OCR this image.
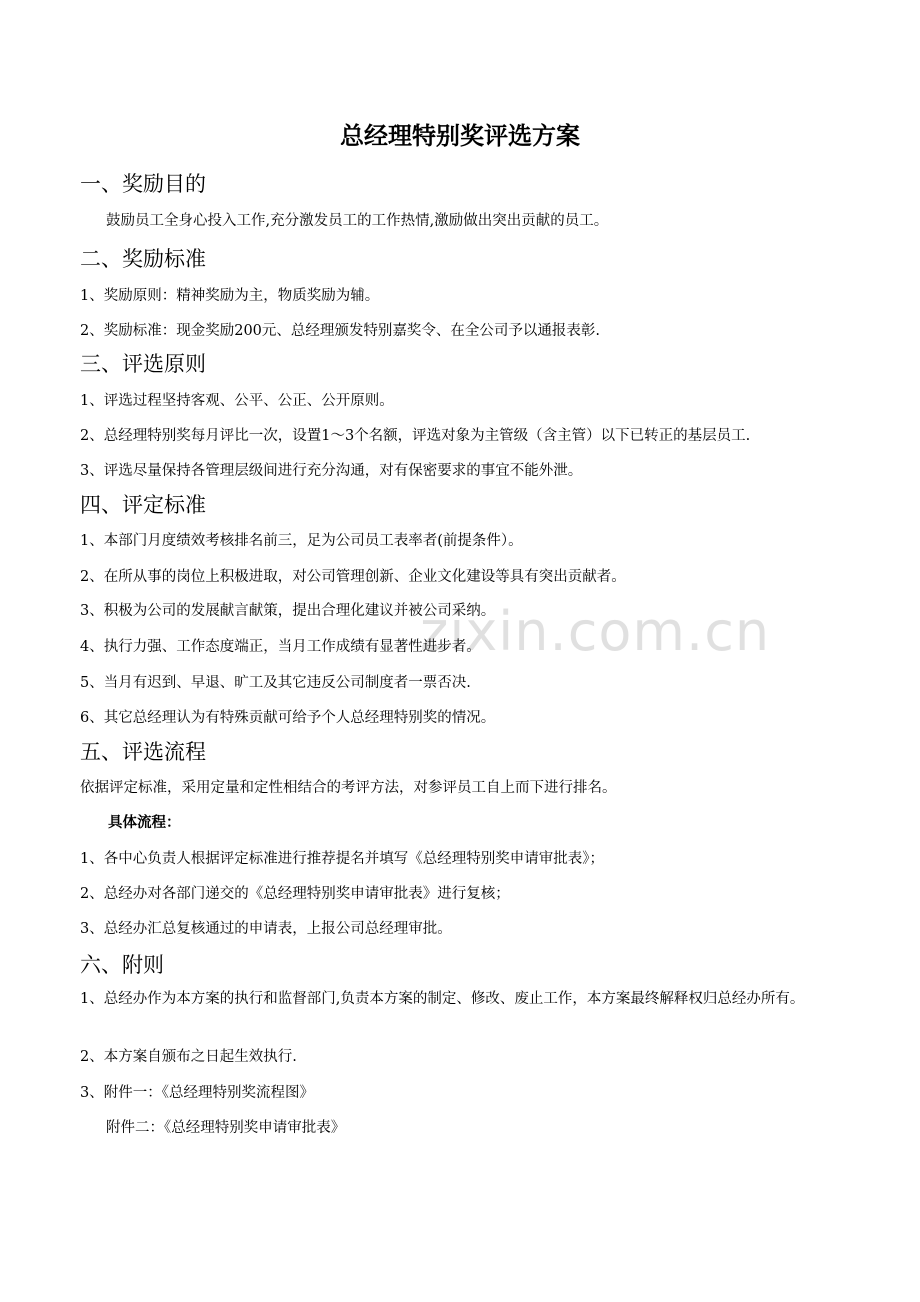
总经理特别奖评选方案
一、奖励目的
鼓励员工全身心投入工作,充分激发员工的工作热情,激励做出突出贡献的员工。
二、奖励标准
1、奖励原则：精神奖励为主，物质奖励为辅。
2、奖励标准：现金奖励200元、总经理颁发特别嘉奖令、在全公司予以通报表彰.
三、评选原则
1、评选过程坚持客观、公平、公正、公开原则。
2、总经理特别奖每月评比一次，设置1～3个名额，评选对象为主管级（含主管）以下已转正的基层员工.
3、评选尽量保持各管理层级间进行充分沟通，对有保密要求的事宜不能外泄。
四、评定标准
1、本部门月度绩效考核排名前三，足为公司员工表率者(前提条件）。
2、在所从事的岗位上积极进取，对公司管理创新、企业文化建设等具有突出贡献者。
3、积极为公司的发展献言献策，提出合理化建议并被公司采纳。
4、执行力强、工作态度端正，当月工作成绩有显著性进步者。
5、当月有迟到、早退、旷工及其它违反公司制度者一票否决.
6、其它总经理认为有特殊贡献可给予个人总经理特别奖的情况。
五、评选流程
依据评定标准，采用定量和定性相结合的考评方法，对参评员工自上而下进行排名。
具体流程：
1、各中心负责人根据评定标准进行推荐提名并填写《总经理特别奖申请审批表》；
2、总经办对各部门递交的《总经理特别奖申请审批表》进行复核；
3、总经办汇总复核通过的申请表，上报公司总经理审批。
六、附则
1、总经办作为本方案的执行和监督部门,负责本方案的制定、修改、废止工作，本方案最终解释权归总经办所有。
2、本方案自颁布之日起生效执行.
3、附件一：《总经理特别奖流程图》
附件二：《总经理特别奖申请审批表》
zixin.com.cn
